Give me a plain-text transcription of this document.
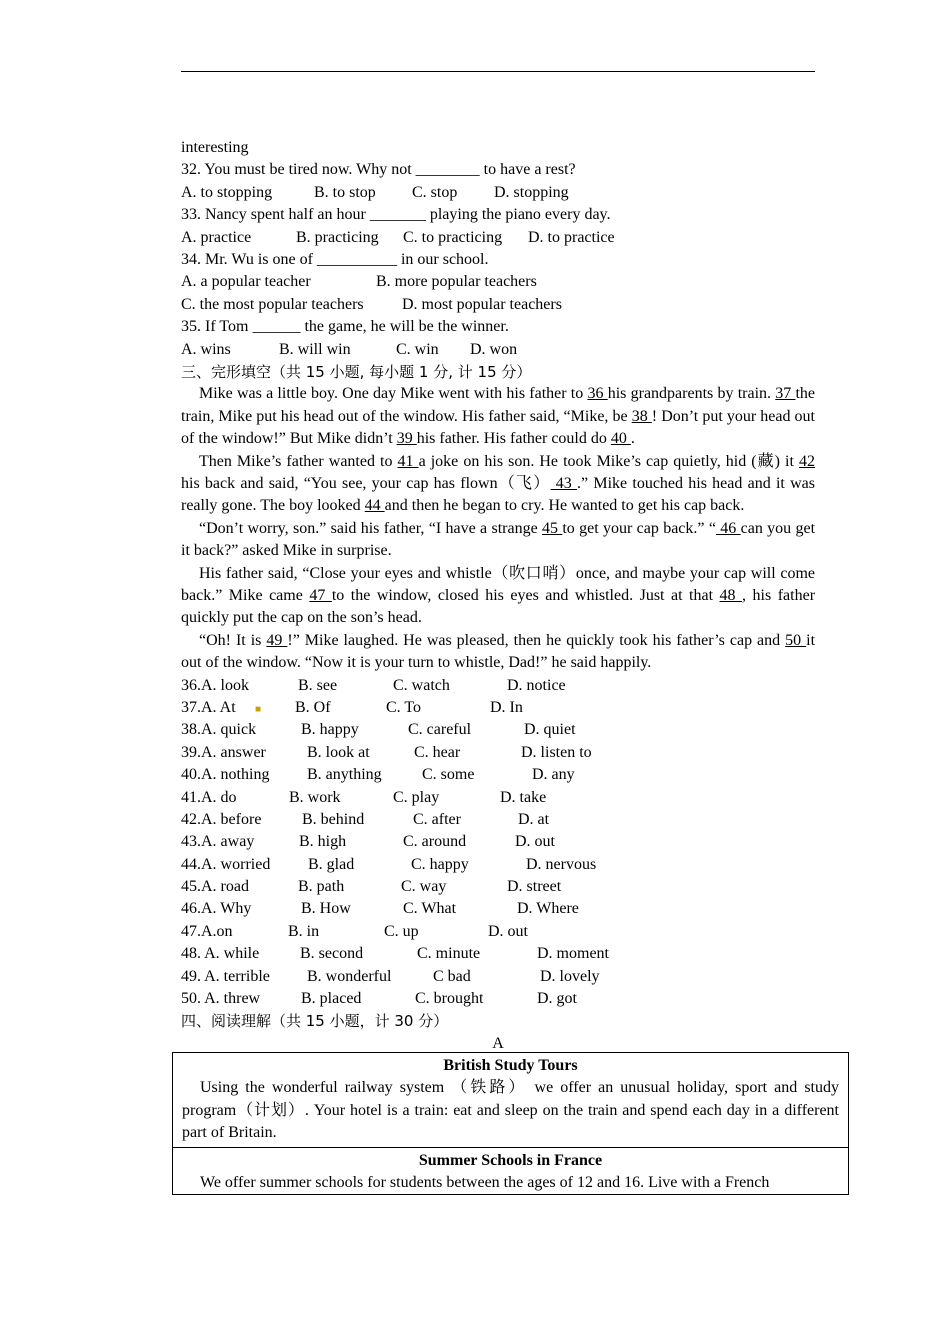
interesting
32. You must be tired now. Why not ________ to have a rest?
A. to stopping	B. to stop C. stop D. stopping
33. Nancy spent half an hour _______ playing the piano every day.
A. practice	B. practicing C. to practicing D. to practice
34. Mr. Wu is one of __________ in our school.
A. a popular teacher	B. more popular teachers
C. the most popular teachers D. most popular teachers
35. If Tom ______ the game, he will be the winner.
A. wins	B. will win	C. win D. won
三、完形填空（共 15 小题, 每小题 1 分, 计 15 分）
Mike was a little boy. One day Mike went with his father to 36 his grandparents by train. 37 the train, Mike put his head out of the window. His father said, “Mike, be 38 ! Don’t put your head out of the window!” But Mike didn’t 39 his father. His father could do 40 .
Then Mike’s father wanted to 41 a joke on his son. He took Mike’s cap quietly, hid (藏) it 42 his back and said, “You see, your cap has flown（飞） 43 .” Mike touched his head and it was really gone. The boy looked 44 and then he began to cry. He wanted to get his cap back.
“Don’t worry, son.” said his father, “I have a strange 45 to get your cap back.” “ 46 can you get it back?” asked Mike in surprise.
His father said, “Close your eyes and whistle（吹口哨）once, and maybe your cap will come back.” Mike came 47 to the window, closed his eyes and whistled. Just at that 48 , his father quickly put the cap on the son’s head.
“Oh! It is 49 !” Mike laughed. He was pleased, then he quickly took his father’s cap and 50 it out of the window. “Now it is your turn to whistle, Dad!” he said happily.
36.A. look	B. see	C. watch	D. notice
37.A. At ■ B. Of	C. To	D. In
38.A. quick	B. happy	C. careful	D. quiet
39.A. answer	B. look at	C. hear	D. listen to
40.A. nothing B. anything	C. some	D. any
41.A. do	B. work	C. play	D. take
42.A. before	B. behind	C. after	D. at
43.A. away	B. high	C. around	D. out
44.A. worried B. glad	C. happy	D. nervous
45.A. road	B. path	C. way	D. street
46.A. Why	B. How	C. What	D. Where
47.A.on	B. in	C. up	D. out
48. A. while	B. second	C. minute	D. moment
49. A. terrible B. wonderful	C bad	D. lovely
50. A. threw	B. placed	C. brought	D. got
四、阅读理解（共 15 小题，计 30 分）
A
British Study Tours
Using the wonderful railway system （铁路） we offer an unusual holiday, sport and study program（计划）. Your hotel is a train: eat and sleep on the train and spend each day in a different part of Britain.

Summer Schools in France
We offer summer schools for students between the ages of 12 and 16. Live with a French
